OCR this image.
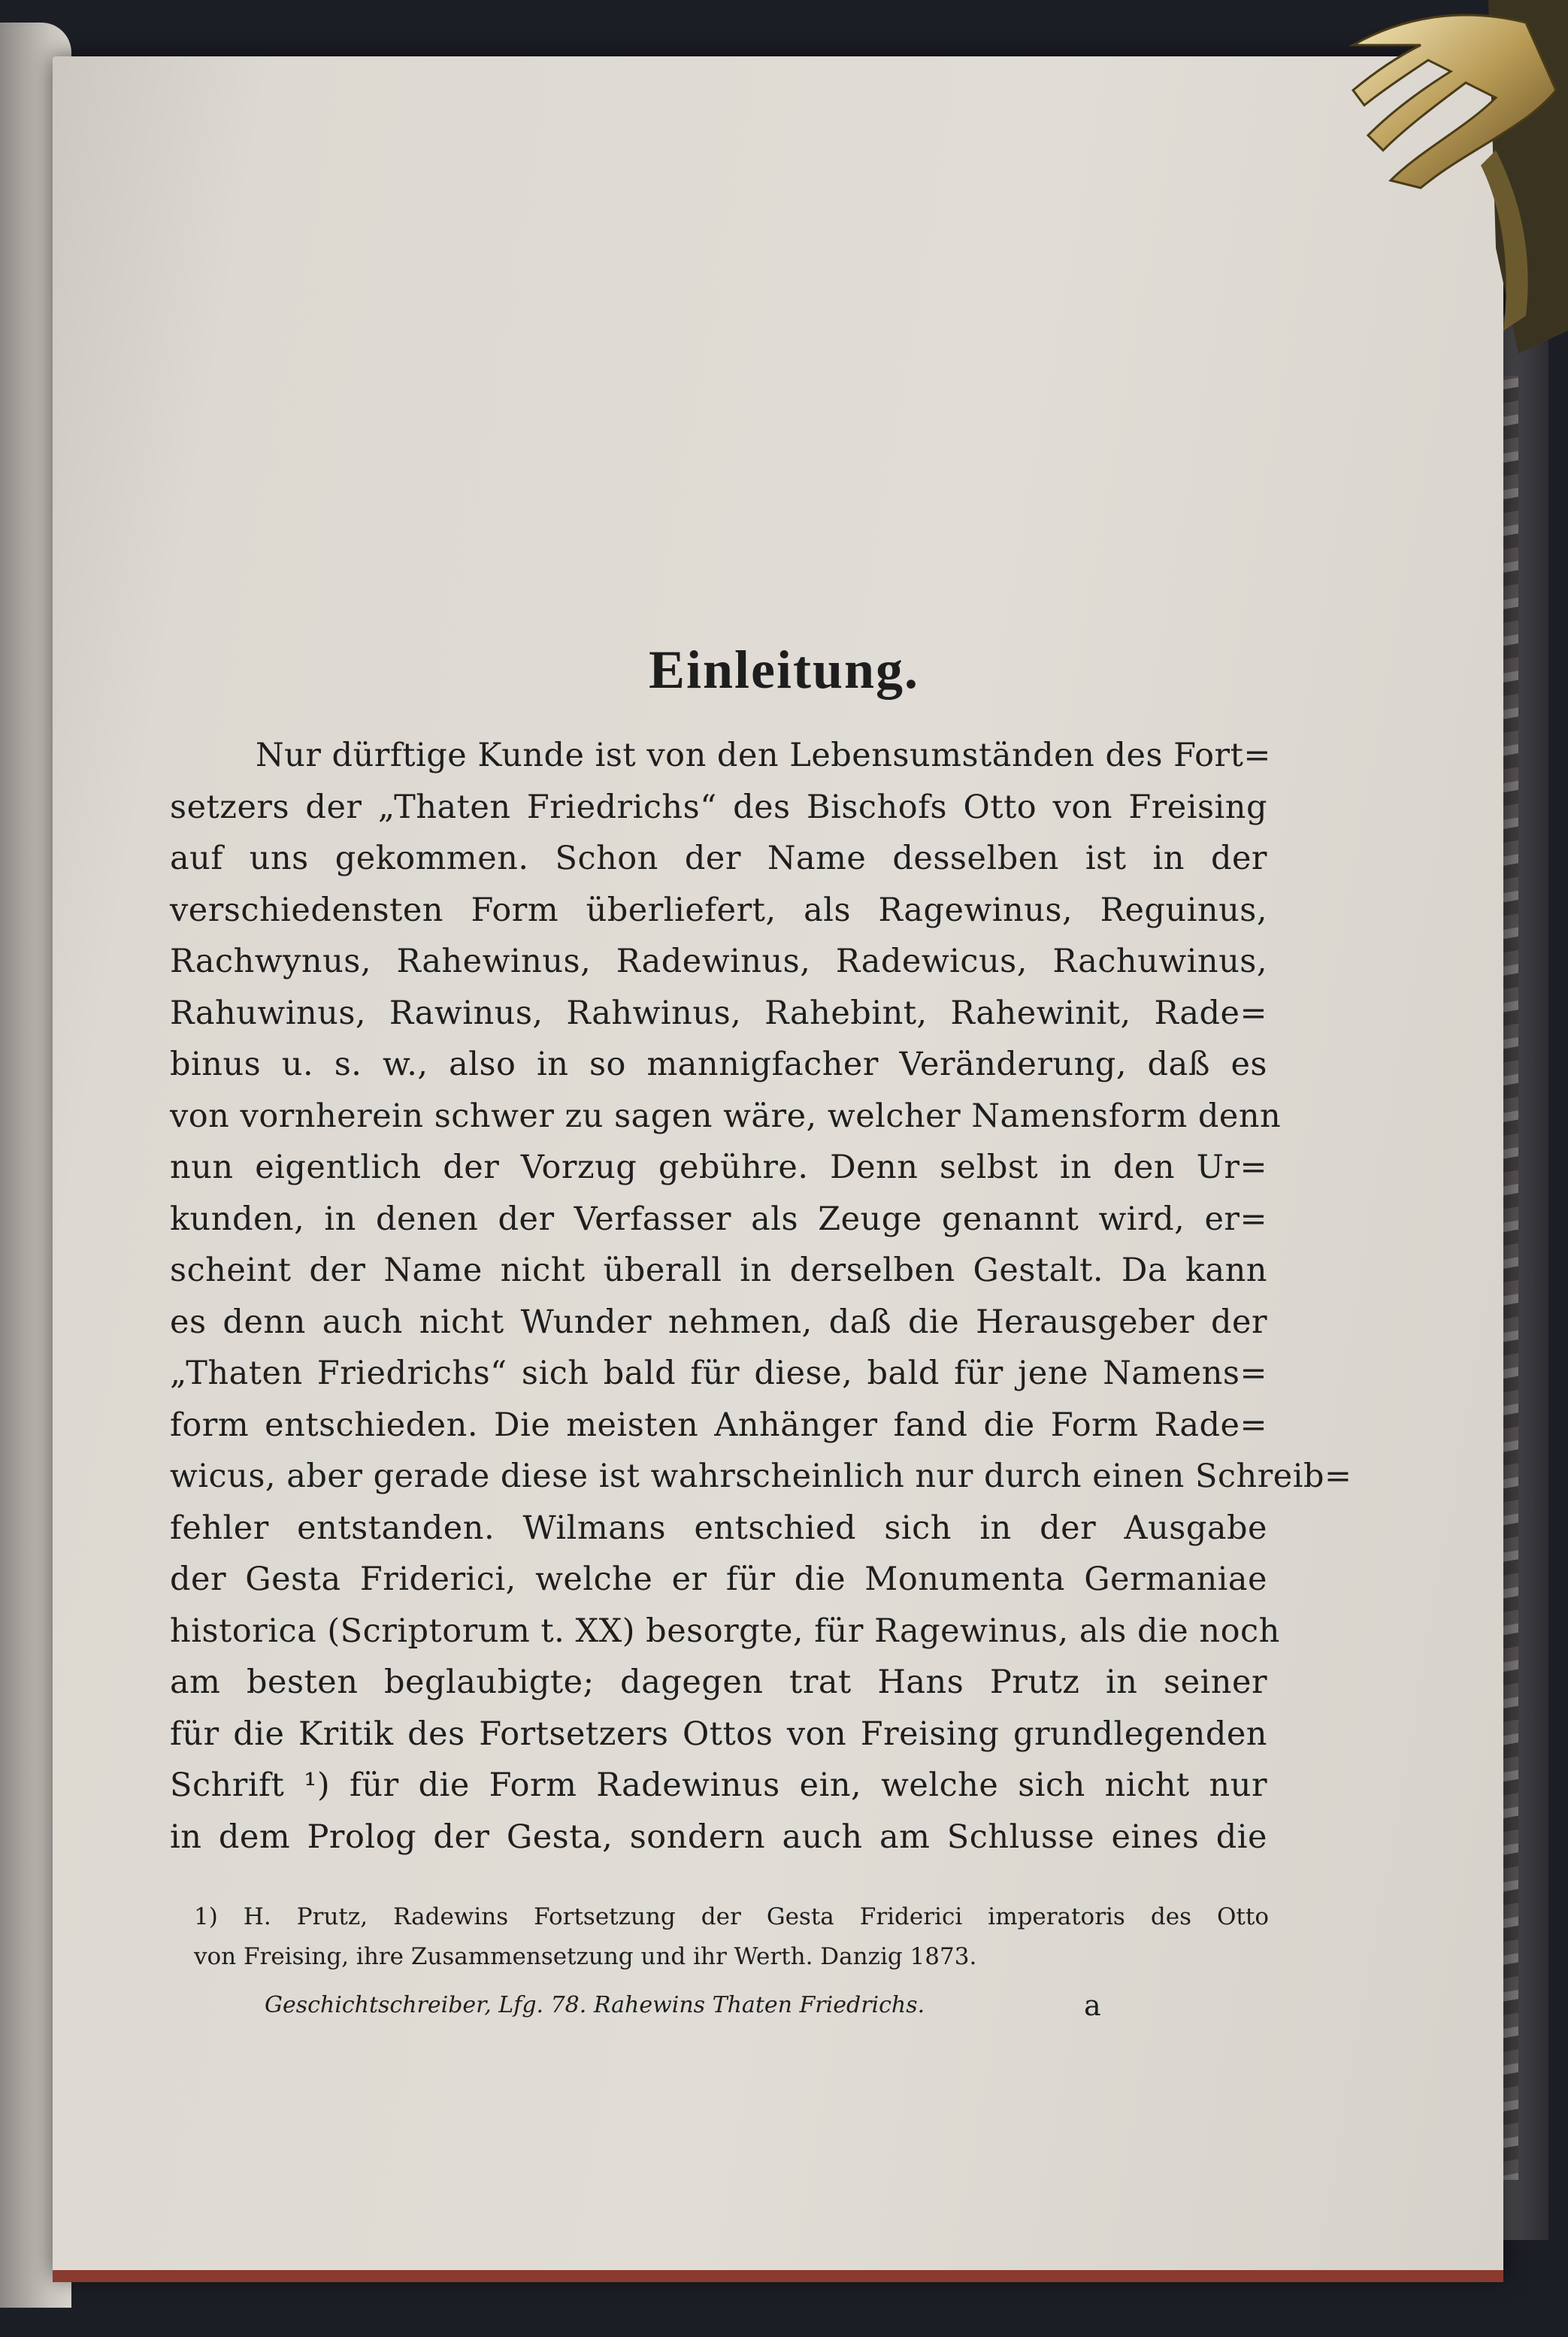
Einleitung.
Nur dürftige Kunde ist von den Lebensumständen des Fort=
setzers der „Thaten Friedrichs“ des Bischofs Otto von Freising
auf uns gekommen. Schon der Name desselben ist in der
verschiedensten Form überliefert, als Ragewinus, Reguinus,
Rachwynus, Rahewinus, Radewinus, Radewicus, Rachuwinus,
Rahuwinus, Rawinus, Rahwinus, Rahebint, Rahewinit, Rade=
binus u. s. w., also in so mannigfacher Veränderung, daß es
von vornherein schwer zu sagen wäre, welcher Namensform denn
nun eigentlich der Vorzug gebühre. Denn selbst in den Ur=
kunden, in denen der Verfasser als Zeuge genannt wird, er=
scheint der Name nicht überall in derselben Gestalt. Da kann
es denn auch nicht Wunder nehmen, daß die Herausgeber der
„Thaten Friedrichs“ sich bald für diese, bald für jene Namens=
form entschieden. Die meisten Anhänger fand die Form Rade=
wicus, aber gerade diese ist wahrscheinlich nur durch einen Schreib=
fehler entstanden. Wilmans entschied sich in der Ausgabe
der Gesta Friderici, welche er für die Monumenta Germaniae
historica (Scriptorum t. XX) besorgte, für Ragewinus, als die noch
am besten beglaubigte; dagegen trat Hans Prutz in seiner
für die Kritik des Fortsetzers Ottos von Freising grundlegenden
Schrift ¹) für die Form Radewinus ein, welche sich nicht nur
in dem Prolog der Gesta, sondern auch am Schlusse eines die
1) H. Prutz, Radewins Fortsetzung der Gesta Friderici imperatoris des Otto
von Freising, ihre Zusammensetzung und ihr Werth. Danzig 1873.
Geschichtschreiber, Lfg. 78. Rahewins Thaten Friedrichs.	a
